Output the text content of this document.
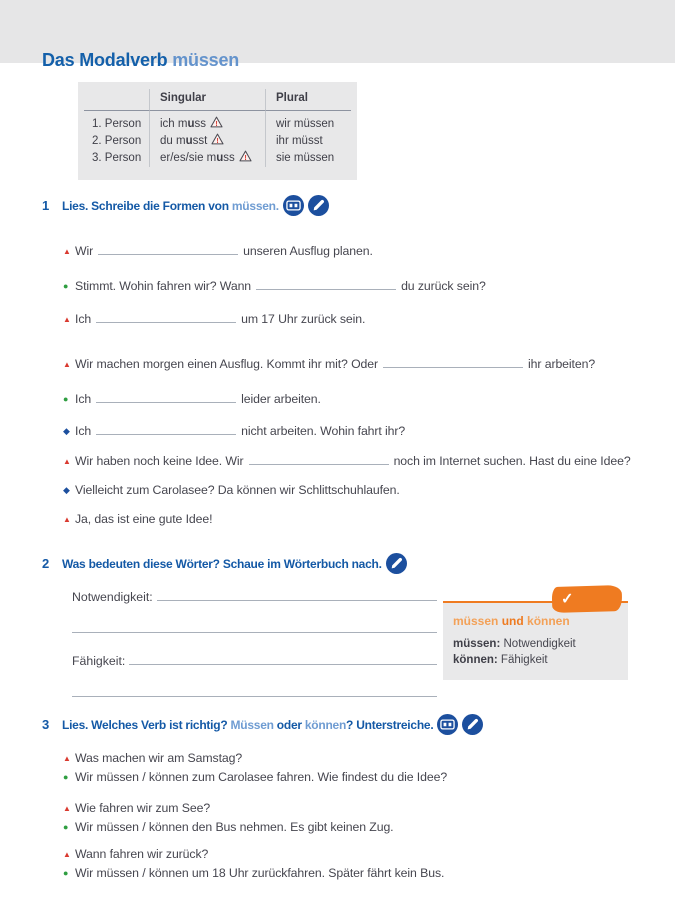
Das Modalverb müssen
Singular	Plural
1. Person	ich muss !	wir müssen
2. Person	du musst !	ihr müsst
3. Person	er/es/sie muss !	sie müssen
1 Lies. Schreibe die Formen von müssen.
▲ Wir	unseren Ausflug planen.
● Stimmt. Wohin fahren wir? Wann	du zurück sein?
▲ Ich	um 17 Uhr zurück sein.
▲ Wir machen morgen einen Ausflug. Kommt ihr mit? Oder	ihr arbeiten?
● Ich	leider arbeiten.
◆ Ich	nicht arbeiten. Wohin fahrt ihr?
▲ Wir haben noch keine Idee. Wir	noch im Internet suchen. Hast du eine Idee?
◆ Vielleicht zum Carolasee? Da können wir Schlittschuhlaufen.
▲ Ja, das ist eine gute Idee!
2 Was bedeuten diese Wörter? Schaue im Wörterbuch nach.
Notwendigkeit:
Fähigkeit:
müssen und können
müssen: Notwendigkeit
können: Fähigkeit
✓
3 Lies. Welches Verb ist richtig? Müssen oder können? Unterstreiche.
▲ Was machen wir am Samstag?
● Wir müssen / können zum Carolasee fahren. Wie findest du die Idee?
▲ Wie fahren wir zum See?
● Wir müssen / können den Bus nehmen. Es gibt keinen Zug.
▲ Wann fahren wir zurück?
● Wir müssen / können um 18 Uhr zurückfahren. Später fährt kein Bus.
